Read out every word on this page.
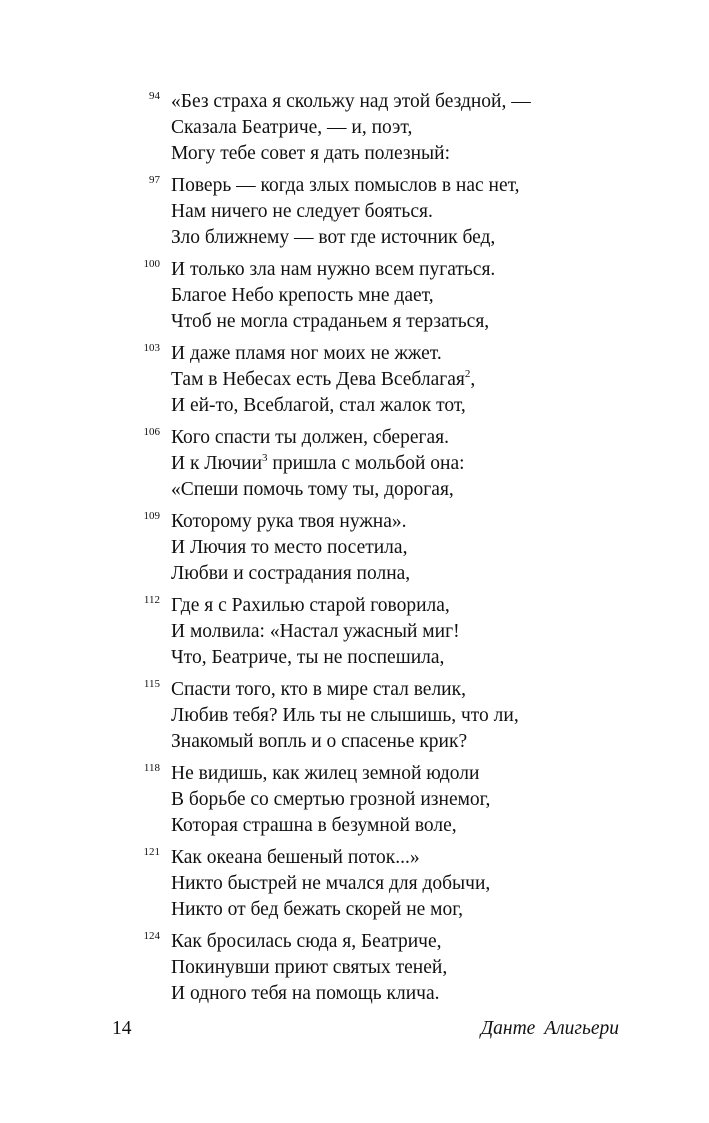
94 «Без страха я скольжу над этой бездной, —
Сказала Беатриче, — и, поэт,
Могу тебе совет я дать полезный:
97 Поверь — когда злых помыслов в нас нет,
Нам ничего не следует бояться.
Зло ближнему — вот где источник бед,
100 И только зла нам нужно всем пугаться.
Благое Небо крепость мне дает,
Чтоб не могла страданьем я терзаться,
103 И даже пламя ног моих не жжет.
Там в Небесах есть Дева Всеблагая$^2$,
И ей-то, Всеблагой, стал жалок тот,
106 Кого спасти ты должен, сберегая.
И к Лючии$^3$ пришла с мольбой она:
«Спеши помочь тому ты, дорогая,
109 Которому рука твоя нужна».
И Лючия то место посетила,
Любви и сострадания полна,
112 Где я с Рахилью старой говорила,
И молвила: «Настал ужасный миг!
Что, Беатриче, ты не поспешила,
115 Спасти того, кто в мире стал велик,
Любив тебя? Иль ты не слышишь, что ли,
Знакомый вопль и о спасенье крик?
118 Не видишь, как жилец земной юдоли
В борьбе со смертью грозной изнемог,
Которая страшна в безумной воле,
121 Как океана бешеный поток...»
Никто быстрей не мчался для добычи,
Никто от бед бежать скорей не мог,
124 Как бросилась сюда я, Беатриче,
Покинувши приют святых теней,
И одного тебя на помощь клича.
14	Данте Алигьери
